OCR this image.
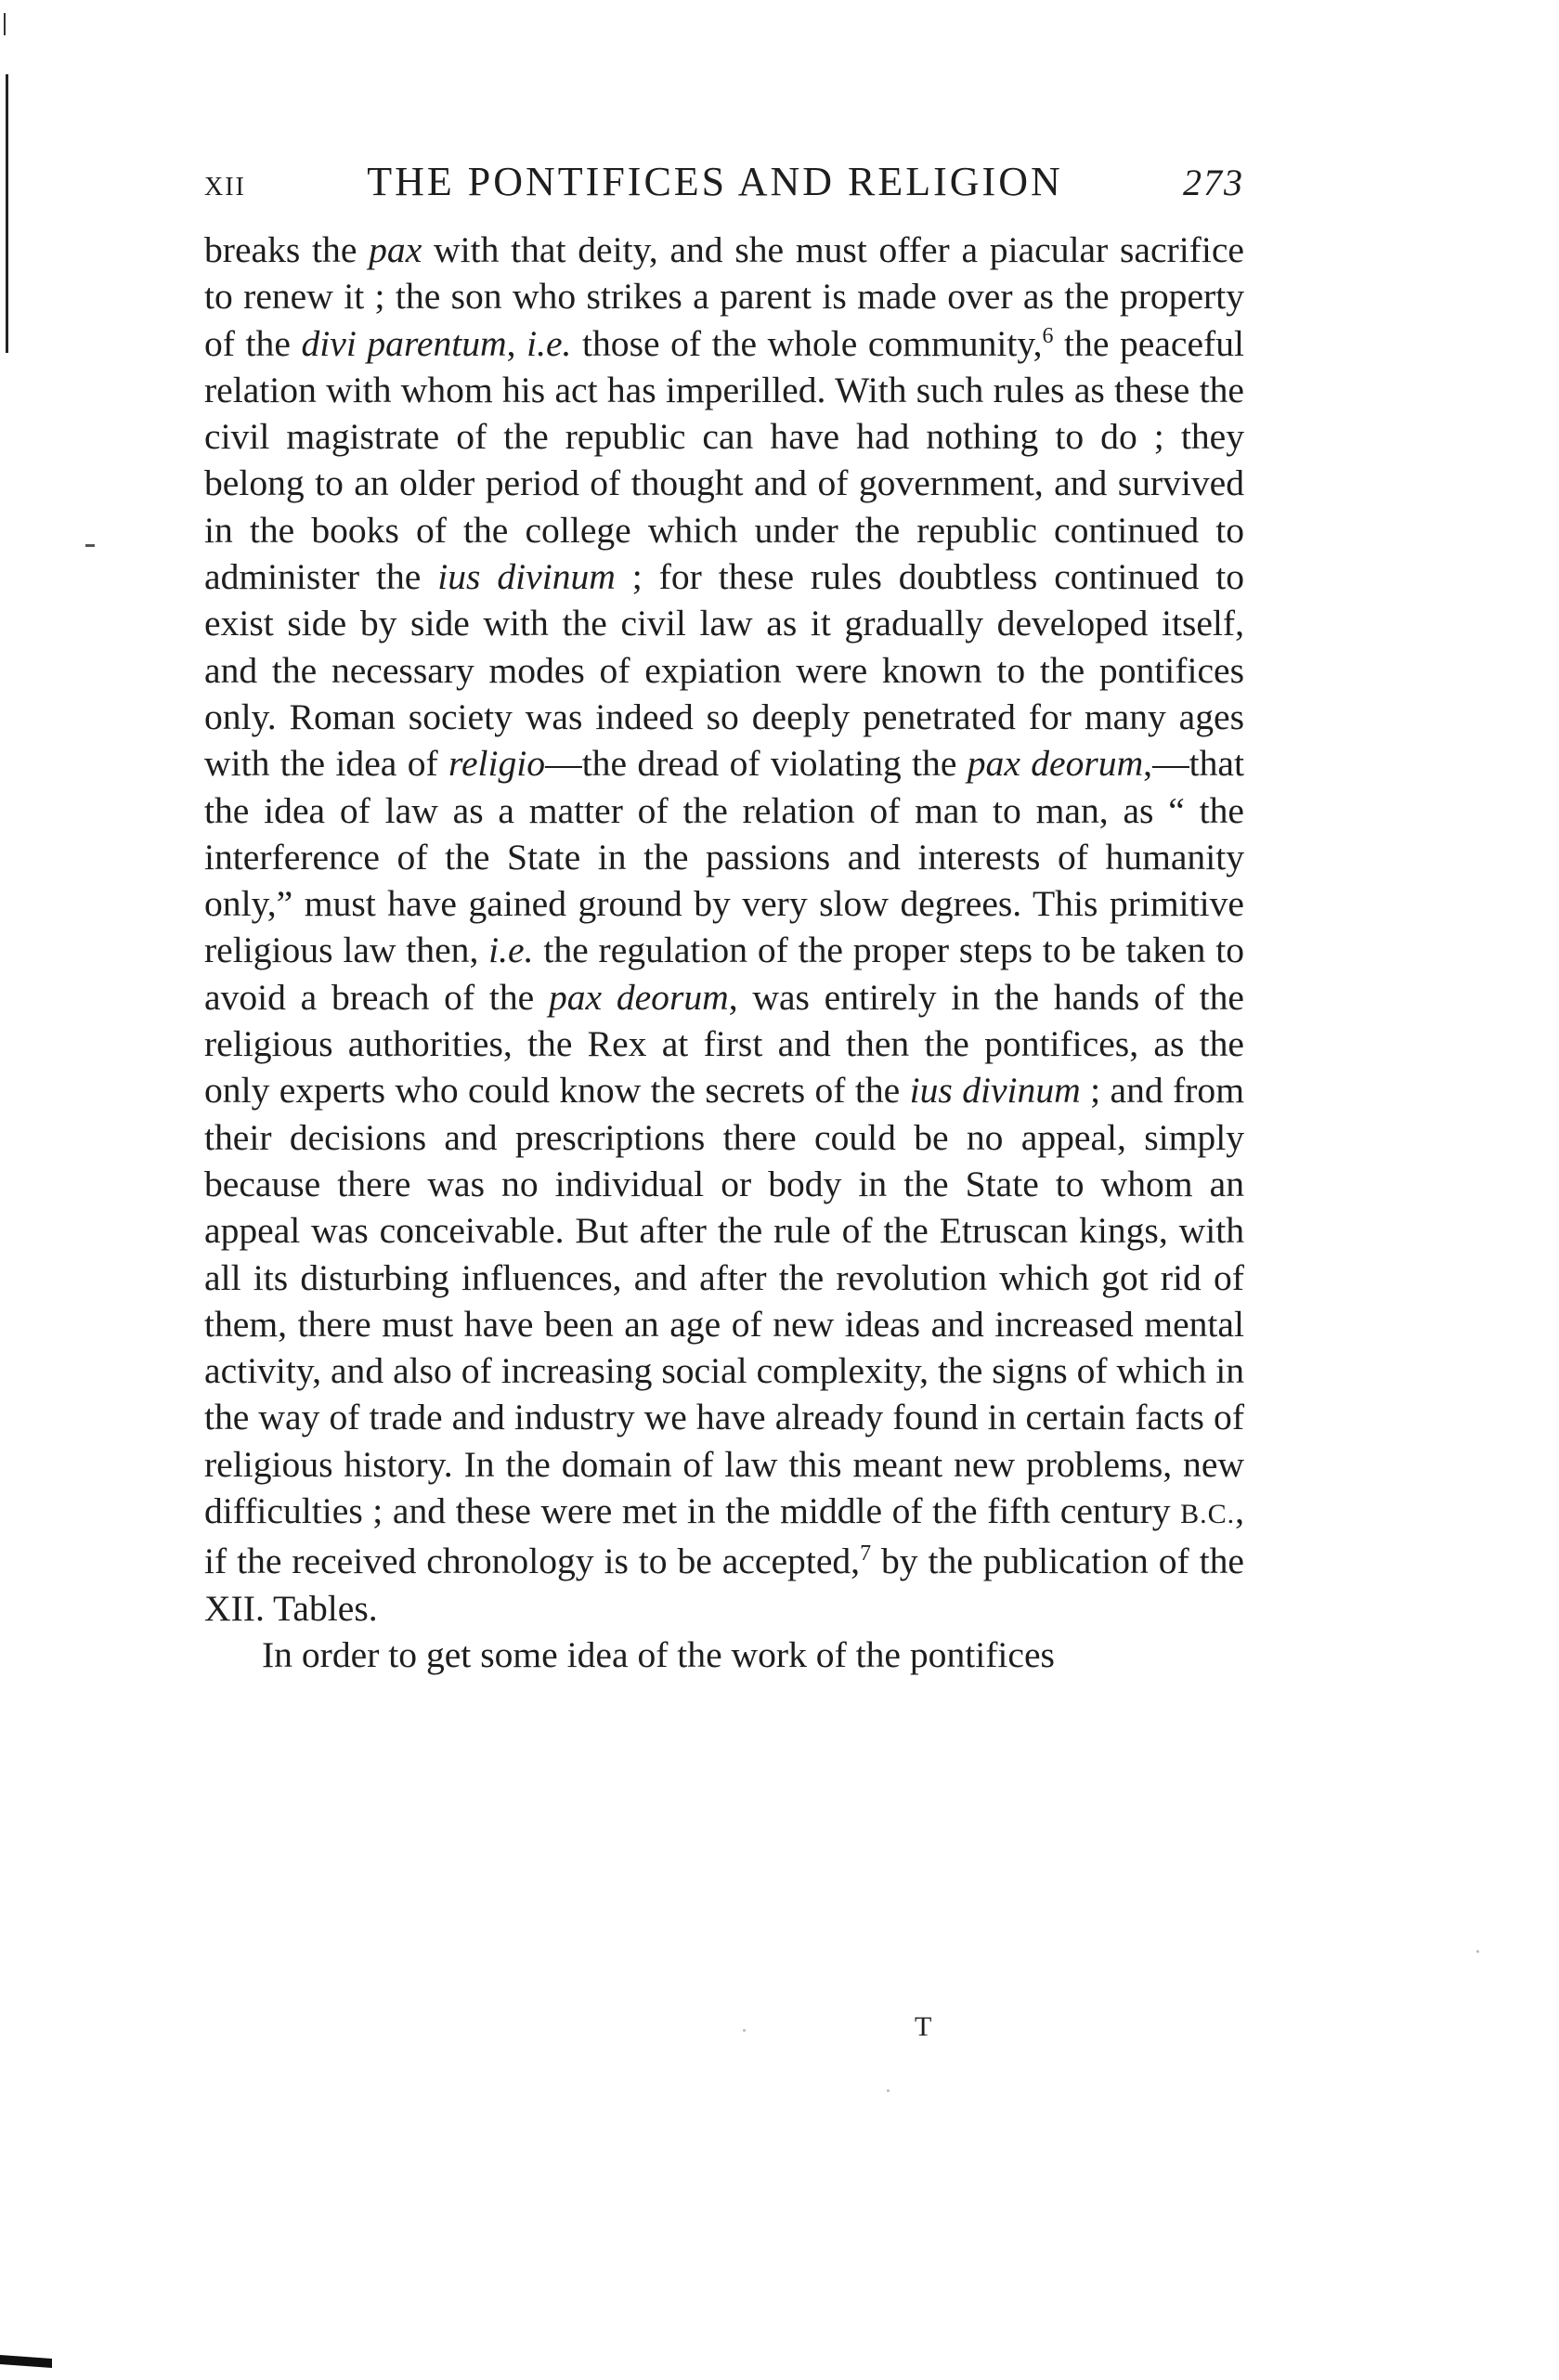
XII	THE PONTIFICES AND RELIGION	273

breaks the pax with that deity, and she must offer a piacular sacrifice to renew it ; the son who strikes a parent is made over as the property of the divi parentum, i.e. those of the whole community,$^6$ the peaceful relation with whom his act has imperilled. With such rules as these the civil magistrate of the republic can have had nothing to do ; they belong to an older period of thought and of government, and survived in the books of the college which under the republic continued to administer the ius divinum ; for these rules doubtless continued to exist side by side with the civil law as it gradually developed itself, and the necessary modes of expiation were known to the pontifices only. Roman society was indeed so deeply penetrated for many ages with the idea of religio—the dread of violating the pax deorum,—that the idea of law as a matter of the relation of man to man, as “ the interference of the State in the passions and interests of humanity only,” must have gained ground by very slow degrees. This primitive religious law then, i.e. the regulation of the proper steps to be taken to avoid a breach of the pax deorum, was entirely in the hands of the religious authorities, the Rex at first and then the pontifices, as the only experts who could know the secrets of the ius divinum ; and from their decisions and prescriptions there could be no appeal, simply because there was no individual or body in the State to whom an appeal was conceivable. But after the rule of the Etruscan kings, with all its disturbing influences, and after the revolution which got rid of them, there must have been an age of new ideas and increased mental activity, and also of increasing social complexity, the signs of which in the way of trade and industry we have already found in certain facts of religious history. In the domain of law this meant new problems, new difficulties ; and these were met in the middle of the fifth century B.C., if the received chronology is to be accepted,$^7$ by the publication of the XII. Tables.

In order to get some idea of the work of the pontifices

T
